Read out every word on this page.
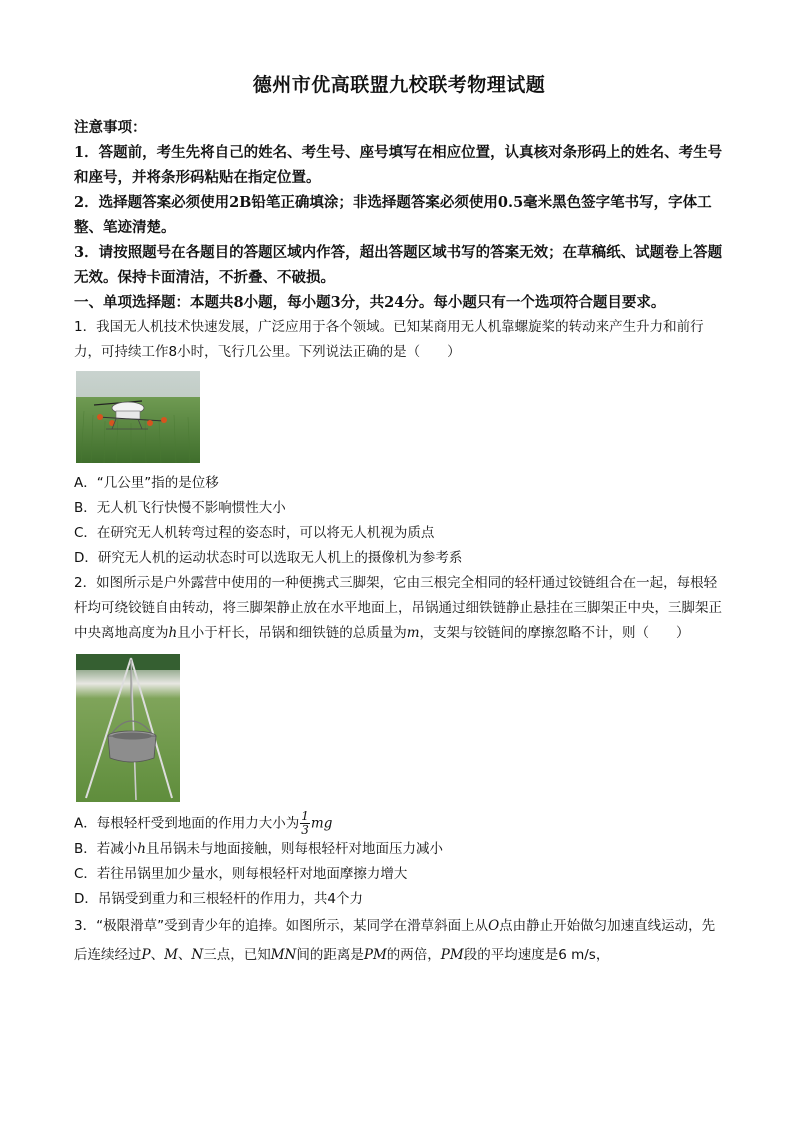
德州市优高联盟九校联考物理试题

注意事项：

1．答题前，考生先将自己的姓名、考生号、座号填写在相应位置，认真核对条形码上的姓名、考生号和座号，并将条形码粘贴在指定位置。

2．选择题答案必须使用2B铅笔正确填涂；非选择题答案必须使用0.5毫米黑色签字笔书写，字体工整、笔迹清楚。

3．请按照题号在各题目的答题区域内作答，超出答题区域书写的答案无效；在草稿纸、试题卷上答题无效。保持卡面清洁，不折叠、不破损。

一、单项选择题：本题共8小题，每小题3分，共24分。每小题只有一个选项符合题目要求。

1．我国无人机技术快速发展，广泛应用于各个领域。已知某商用无人机靠螺旋桨的转动来产生升力和前行力，可持续工作8小时，飞行几公里。下列说法正确的是（　　）

A．“几公里”指的是位移

B．无人机飞行快慢不影响惯性大小

C．在研究无人机转弯过程的姿态时，可以将无人机视为质点

D．研究无人机的运动状态时可以选取无人机上的摄像机为参考系

2．如图所示是户外露营中使用的一种便携式三脚架，它由三根完全相同的轻杆通过铰链组合在一起，每根轻杆均可绕铰链自由转动，将三脚架静止放在水平地面上，吊锅通过细铁链静止悬挂在三脚架正中央，三脚架正中央离地高度为h且小于杆长，吊锅和细铁链的总质量为m，支架与铰链间的摩擦忽略不计，则（　　）

A．每根轻杆受到地面的作用力大小为 $\frac{1}{3}$ mg

B．若减小h且吊锅未与地面接触，则每根轻杆对地面压力减小

C．若往吊锅里加少量水，则每根轻杆对地面摩擦力增大

D．吊锅受到重力和三根轻杆的作用力，共4个力

3．“极限滑草”受到青少年的追捧。如图所示，某同学在滑草斜面上从O点由静止开始做匀加速直线运动，先后连续经过P、M、N三点，已知MN间的距离是PM的两倍，PM段的平均速度是6 m/s，
